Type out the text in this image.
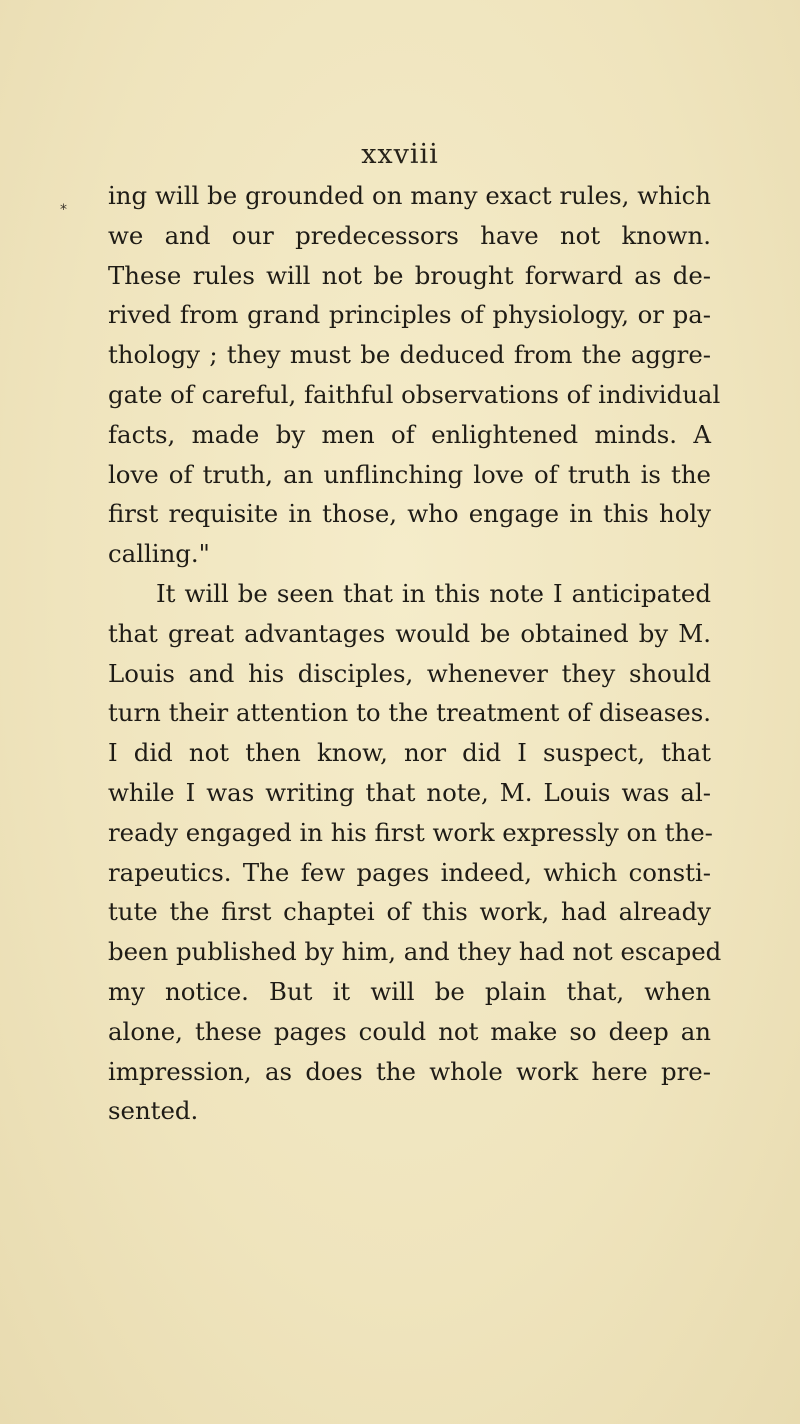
xxviii
* ing will be grounded on many exact rules, which
we and our predecessors have not known.
These rules will not be brought forward as de-
rived from grand principles of physiology, or pa-
thology ; they must be deduced from the aggre-
gate of careful, faithful observations of individual
facts, made by men of enlightened minds. A
love of truth, an unflinching love of truth is the
first requisite in those, who engage in this holy
calling."
It will be seen that in this note I anticipated
that great advantages would be obtained by M.
Louis and his disciples, whenever they should
turn their attention to the treatment of diseases.
I did not then know, nor did I suspect, that
while I was writing that note, M. Louis was al-
ready engaged in his first work expressly on the-
rapeutics. The few pages indeed, which consti-
tute the first chaptei of this work, had already
been published by him, and they had not escaped
my notice. But it will be plain that, when
alone, these pages could not make so deep an
impression, as does the whole work here pre-
sented.
